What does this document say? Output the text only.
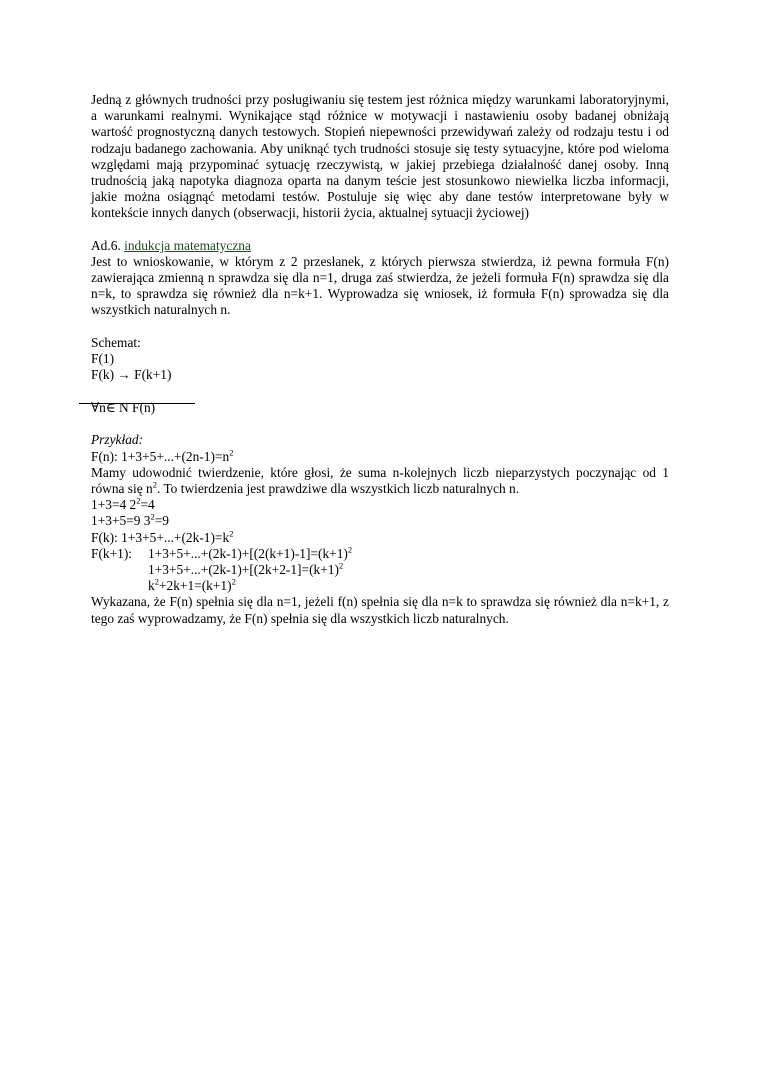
Jedną z głównych trudności przy posługiwaniu się testem jest różnica między warunkami laboratoryjnymi, a warunkami realnymi. Wynikające stąd różnice w motywacji i nastawieniu osoby badanej obniżają wartość prognostyczną danych testowych. Stopień niepewności przewidywań zależy od rodzaju testu i od rodzaju badanego zachowania. Aby uniknąć tych trudności stosuje się testy sytuacyjne, które pod wieloma względami mają przypominać sytuację rzeczywistą, w jakiej przebiega działalność danej osoby. Inną trudnością jaką napotyka diagnoza oparta na danym teście jest stosunkowo niewielka liczba informacji, jakie można osiągnąć metodami testów. Postuluje się więc aby dane testów interpretowane były w kontekście innych danych (obserwacji, historii życia, aktualnej sytuacji życiowej)

Ad.6. indukcja matematyczna

Jest to wnioskowanie, w którym z 2 przesłanek, z których pierwsza stwierdza, iż pewna formuła F(n) zawierająca zmienną n sprawdza się dla n=1, druga zaś stwierdza, że jeżeli formuła F(n) sprawdza się dla n=k, to sprawdza się również dla n=k+1. Wyprowadza się wniosek, iż formuła F(n) sprowadza się dla wszystkich naturalnych n.

Schemat:
F(1)
F(k) → F(k+1)
∀n∈ N F(n)
Przykład:
F(n): $1+3+5+...+(2n-1)=n^2$

Mamy udowodnić twierdzenie, które głosi, że suma n-kolejnych liczb nieparzystych poczynając od 1 równa się $n^2$. To twierdzenia jest prawdziwe dla wszystkich liczb naturalnych n.

1+3=4 $2^2=4$
1+3+5=9 $3^2=9$
F(k): $1+3+5+...+(2k-1)=k^2$
F(k+1):	$1+3+5+...+(2k-1)+[(2(k+1)-1]=(k+1)^2$
$1+3+5+...+(2k-1)+[(2k+2-1]=(k+1)^2$
$k^2+2k+1=(k+1)^2$

Wykazana, że F(n) spełnia się dla n=1, jeżeli f(n) spełnia się dla n=k to sprawdza się również dla n=k+1, z tego zaś wyprowadzamy, że F(n) spełnia się dla wszystkich liczb naturalnych.
